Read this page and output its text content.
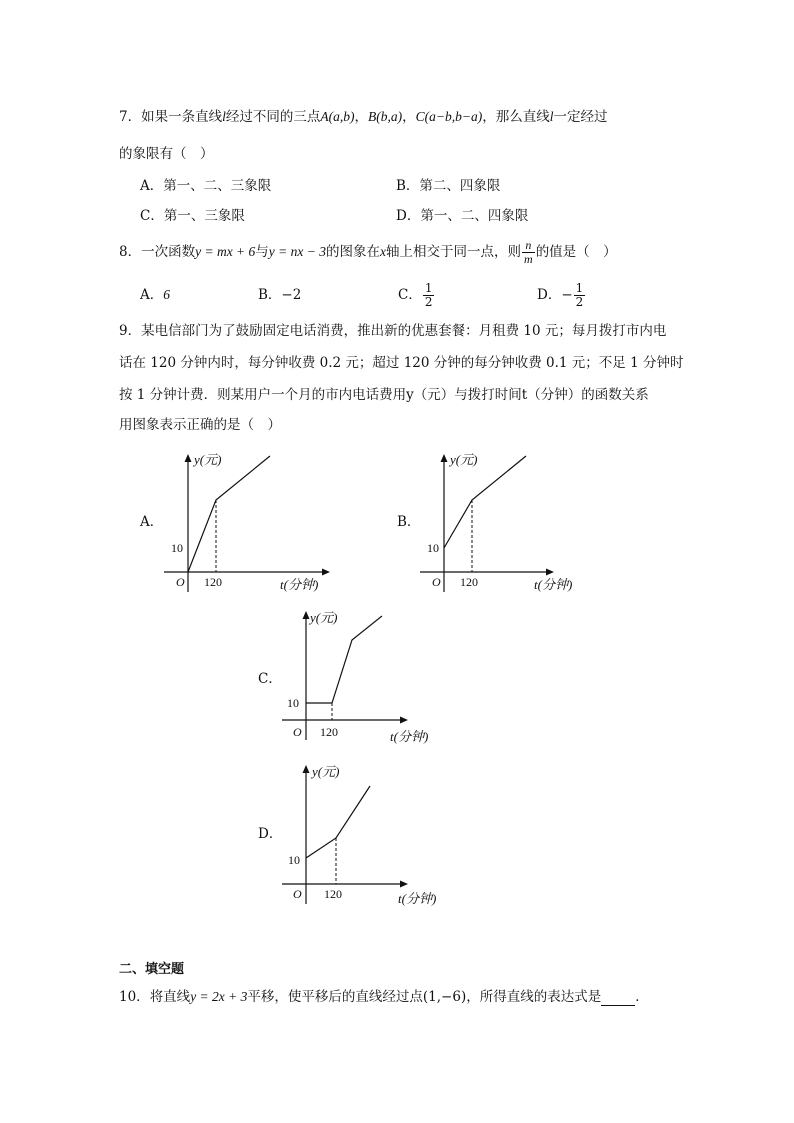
7．如果一条直线l经过不同的三点A(a,b)，B(b,a)，C(a−b,b−a)，那么直线l一定经过
的象限有（　）
A．第一、二、三象限	B．第二、四象限
C．第一、三象限	D．第一、二、四象限
8．一次函数y = mx + 6与y = nx − 3的图象在x轴上相交于同一点，则 $\frac{n}{m}$ 的值是（　）
A．6	B．−2	C． $\frac{1}{2}$	D．− $\frac{1}{2}$
9．某电信部门为了鼓励固定电话消费，推出新的优惠套餐：月租费 10 元；每月拨打市内电
话在 120 分钟内时，每分钟收费 0.2 元；超过 120 分钟的每分钟收费 0.1 元；不足 1 分钟时
按 1 分钟计费．则某用户一个月的市内电话费用y（元）与拨打时间t（分钟）的函数关系
用图象表示正确的是（　）
A．
y(元)
10
O 120	t(分钟)
B．
y(元)
10
O 120	t(分钟)
C．
y(元)
10
O 120	t(分钟)
D．
y(元)
10
O 120	t(分钟)
二、填空题
10．将直线y = 2x + 3平移，使平移后的直线经过点(1,−6)，所得直线的表达式是	．
